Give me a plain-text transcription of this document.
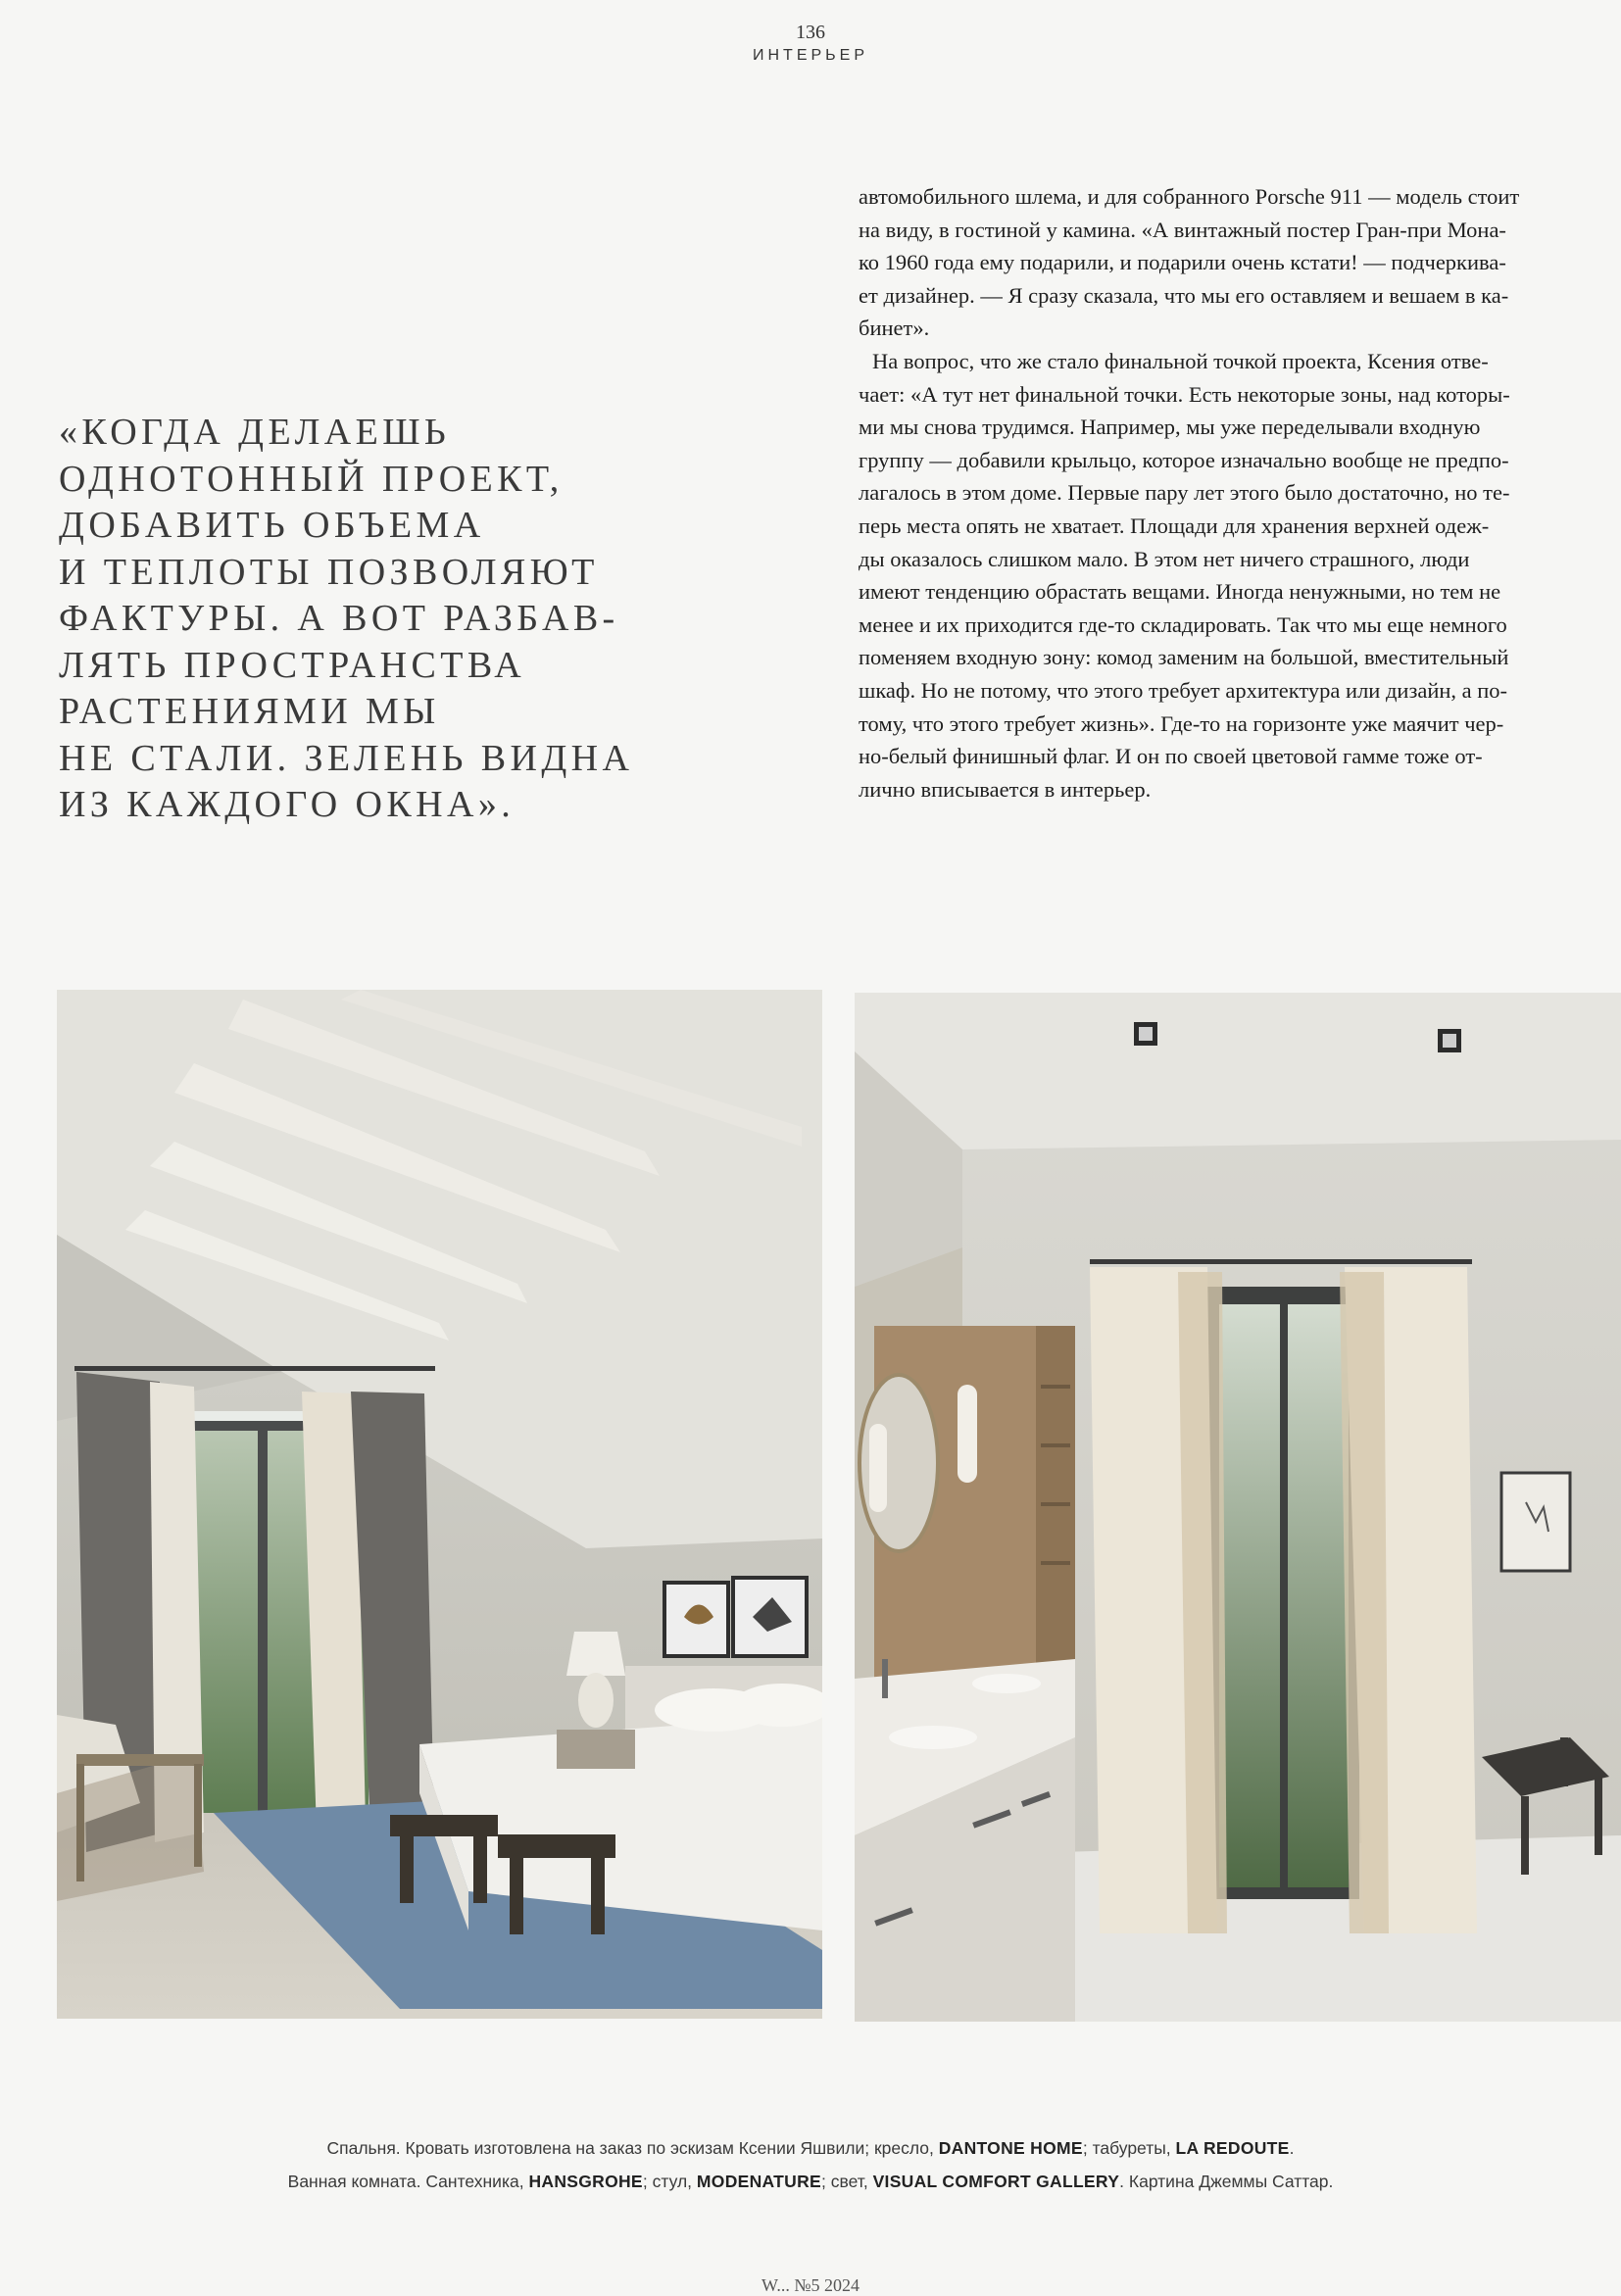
136
ИНТЕРЬЕР
«КОГДА ДЕЛАЕШЬ
ОДНОТОННЫЙ ПРОЕКТ,
ДОБАВИТЬ ОБЪЕМА
И ТЕПЛОТЫ ПОЗВОЛЯЮТ
ФАКТУРЫ. А ВОТ РАЗБАВ-
ЛЯТЬ ПРОСТРАНСТВА
РАСТЕНИЯМИ МЫ
НЕ СТАЛИ. ЗЕЛЕНЬ ВИДНА
ИЗ КАЖДОГО ОКНА».
автомобильного шлема, и для собранного Porsche 911 — модель стоит
на виду, в гостиной у камина. «А винтажный постер Гран-при Мона-
ко 1960 года ему подарили, и подарили очень кстати! — подчеркива-
ет дизайнер. — Я сразу сказала, что мы его оставляем и вешаем в ка-
бинет».
На вопрос, что же стало финальной точкой проекта, Ксения отве-
чает: «А тут нет финальной точки. Есть некоторые зоны, над которы-
ми мы снова трудимся. Например, мы уже переделывали входную
группу — добавили крыльцо, которое изначально вообще не предпо-
лагалось в этом доме. Первые пару лет этого было достаточно, но те-
перь места опять не хватает. Площади для хранения верхней одеж-
ды оказалось слишком мало. В этом нет ничего страшного, люди
имеют тенденцию обрастать вещами. Иногда ненужными, но тем не
менее и их приходится где-то складировать. Так что мы еще немного
поменяем входную зону: комод заменим на большой, вместительный
шкаф. Но не потому, что этого требует архитектура или дизайн, а по-
тому, что этого требует жизнь». Где-то на горизонте уже маячит чер-
но-белый финишный флаг. И он по своей цветовой гамме тоже от-
лично вписывается в интерьер.
Спальня. Кровать изготовлена на заказ по эскизам Ксении Яшвили; кресло, DANTONE HOME; табуреты, LA REDOUTE.
Ванная комната. Сантехника, HANSGROHE; стул, MODENATURE; свет, VISUAL COMFORT GALLERY. Картина Джеммы Саттар.
W... №5 2024
